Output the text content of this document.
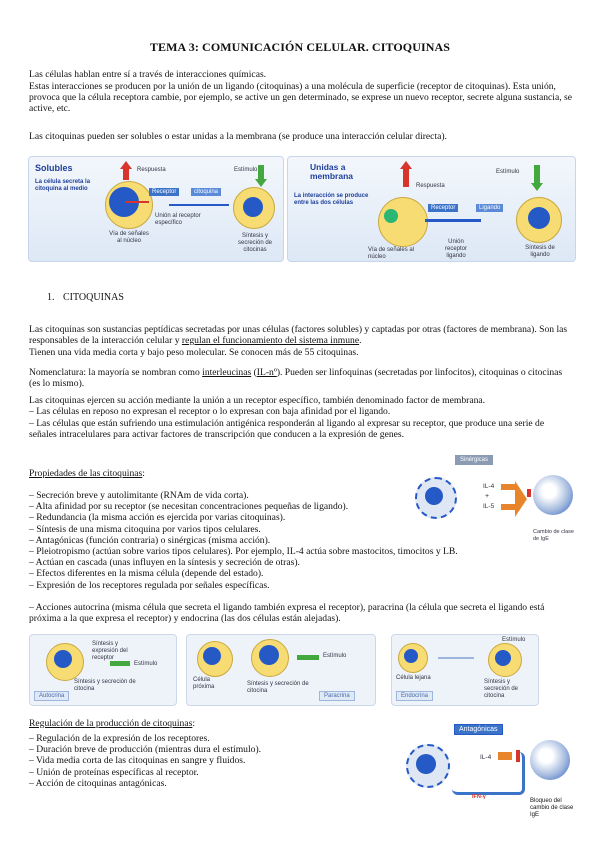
TEMA 3: COMUNICACIÓN CELULAR. CITOQUINAS
Las células hablan entre sí a través de interacciones químicas.
Estas interacciones se producen por la unión de un ligando (citoquinas) a una molécula de superficie (receptor de citoquinas). Esta unión, provoca que la célula receptora cambie, por ejemplo, se active un gen determinado, se exprese un nuevo receptor, secrete alguna sustancia, se active, etc.
Las citoquinas pueden ser solubles o estar unidas a la membrana (se produce una interacción celular directa).
Solubles
La célula secreta la citoquina al medio
Respuesta
Receptor	citoquina
Unión al receptor específico
Vía de señales al núcleo
Estímulo
Síntesis y secreción de citocinas
Unidas a membrana
La interacción se produce entre las dos células
Respuesta
Receptor	Ligando
Vía de señales al núcleo
Unión receptor ligando
Estímulo
Síntesis de ligando
1. CITOQUINAS
Las citoquinas son sustancias peptídicas secretadas por unas células (factores solubles) y captadas por otras (factores de membrana). Son las responsables de la interacción celular y regulan el funcionamiento del sistema inmune.
Tienen una vida media corta y bajo peso molecular. Se conocen más de 55 citoquinas.
Nomenclatura: la mayoría se nombran como interleucinas (IL-nº). Pueden ser linfoquinas (secretadas por linfocitos), citoquinas o citocinas (es lo mismo).
Las citoquinas ejercen su acción mediante la unión a un receptor específico, también denominado factor de membrana.
– Las células en reposo no expresan el receptor o lo expresan con baja afinidad por el ligando.
– Las células que están sufriendo una estimulación antigénica responderán al ligando al expresar su receptor, que produce una serie de señales intracelulares para activar factores de transcripción que conducen a la expresión de genes.
Propiedades de las citoquinas:
– Secreción breve y autolimitante (RNAm de vida corta).
– Alta afinidad por su receptor (se necesitan concentraciones pequeñas de ligando).
– Redundancia (la misma acción es ejercida por varias citoquinas).
– Síntesis de una misma citoquina por varios tipos celulares.
– Antagónicas (función contraria) o sinérgicas (misma acción).
– Pleiotropismo (actúan sobre varios tipos celulares). Por ejemplo, IL-4 actúa sobre mastocitos, timocitos y LB.
– Actúan en cascada (unas influyen en la síntesis y secreción de otras).
– Efectos diferentes en la misma célula (depende del estado).
– Expresión de los receptores regulada por señales específicas.
– Acciones autocrina (misma célula que secreta el ligando también expresa el receptor), paracrina (la célula que secreta el ligando está próxima a la que expresa el receptor) y endocrina (las dos células están alejadas).
Sinérgicas
IL-4
+
IL-5
Cambio de clase de IgE
Síntesis y expresión del receptor
Estímulo
Síntesis y secreción de citocina
Autocrina
Célula próxima
Estímulo
Síntesis y secreción de citocina
Paracrina
Célula lejana
Estímulo
Síntesis y secreción de citocina
Endocrina
Regulación de la producción de citoquinas:
– Regulación de la expresión de los receptores.
– Duración breve de producción (mientras dura el estímulo).
– Vida media corta de las citoquinas en sangre y fluidos.
– Unión de proteínas específicas al receptor.
– Acción de citoquinas antagónicas.
Antagónicas
IL-4
IFN-γ
Bloqueo del cambio de clase IgE
